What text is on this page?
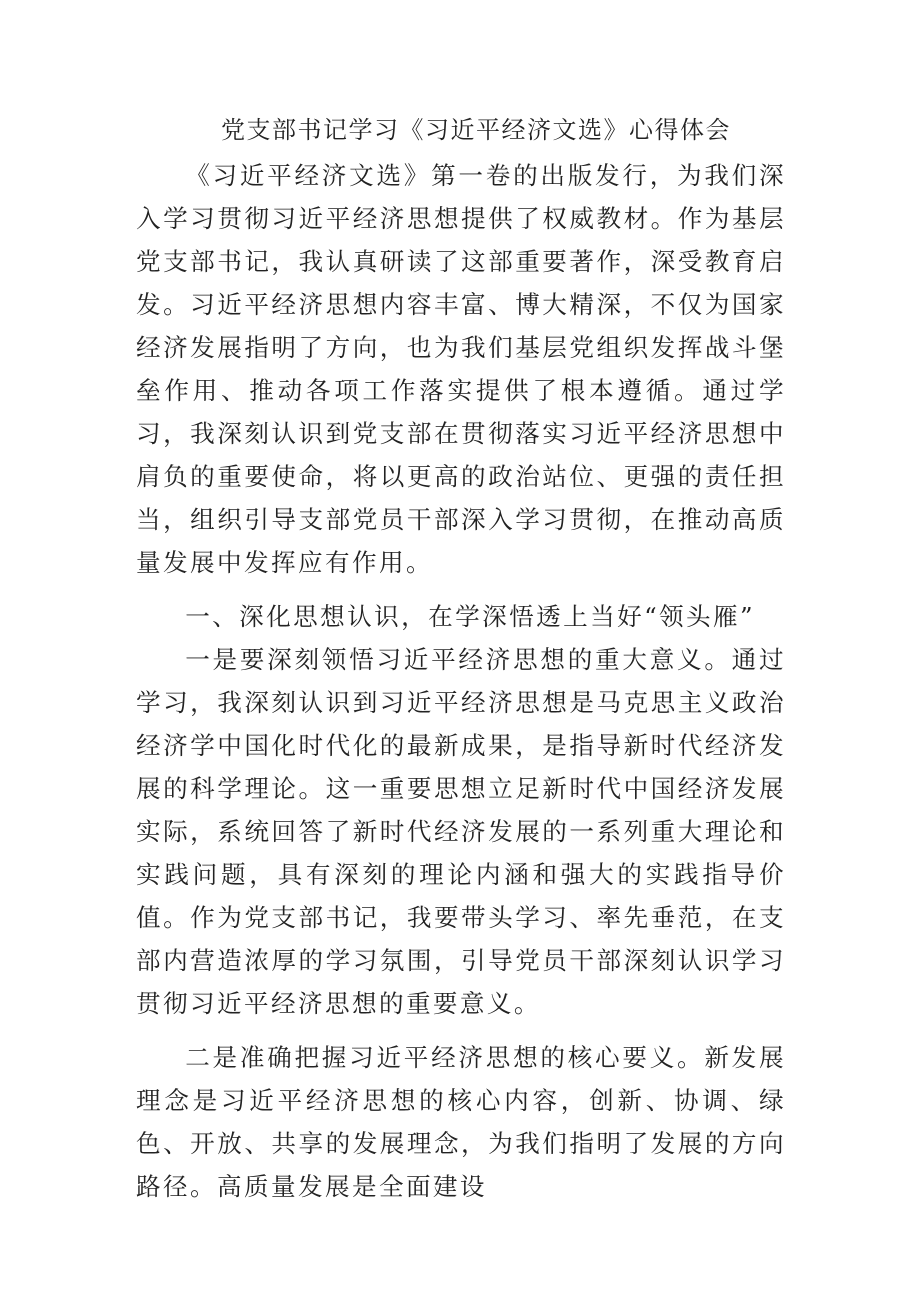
党支部书记学习《习近平经济文选》心得体会

《习近平经济文选》第一卷的出版发行，为我们深入学习贯彻习近平经济思想提供了权威教材。作为基层党支部书记，我认真研读了这部重要著作，深受教育启发。习近平经济思想内容丰富、博大精深，不仅为国家经济发展指明了方向，也为我们基层党组织发挥战斗堡垒作用、推动各项工作落实提供了根本遵循。通过学习，我深刻认识到党支部在贯彻落实习近平经济思想中肩负的重要使命，将以更高的政治站位、更强的责任担当，组织引导支部党员干部深入学习贯彻，在推动高质量发展中发挥应有作用。

一、深化思想认识，在学深悟透上当好“领头雁”

一是要深刻领悟习近平经济思想的重大意义。通过学习，我深刻认识到习近平经济思想是马克思主义政治经济学中国化时代化的最新成果，是指导新时代经济发展的科学理论。这一重要思想立足新时代中国经济发展实际，系统回答了新时代经济发展的一系列重大理论和实践问题，具有深刻的理论内涵和强大的实践指导价值。作为党支部书记，我要带头学习、率先垂范，在支部内营造浓厚的学习氛围，引导党员干部深刻认识学习贯彻习近平经济思想的重要意义。

二是准确把握习近平经济思想的核心要义。新发展理念是习近平经济思想的核心内容，创新、协调、绿色、开放、共享的发展理念，为我们指明了发展的方向路径。高质量发展是全面建设
